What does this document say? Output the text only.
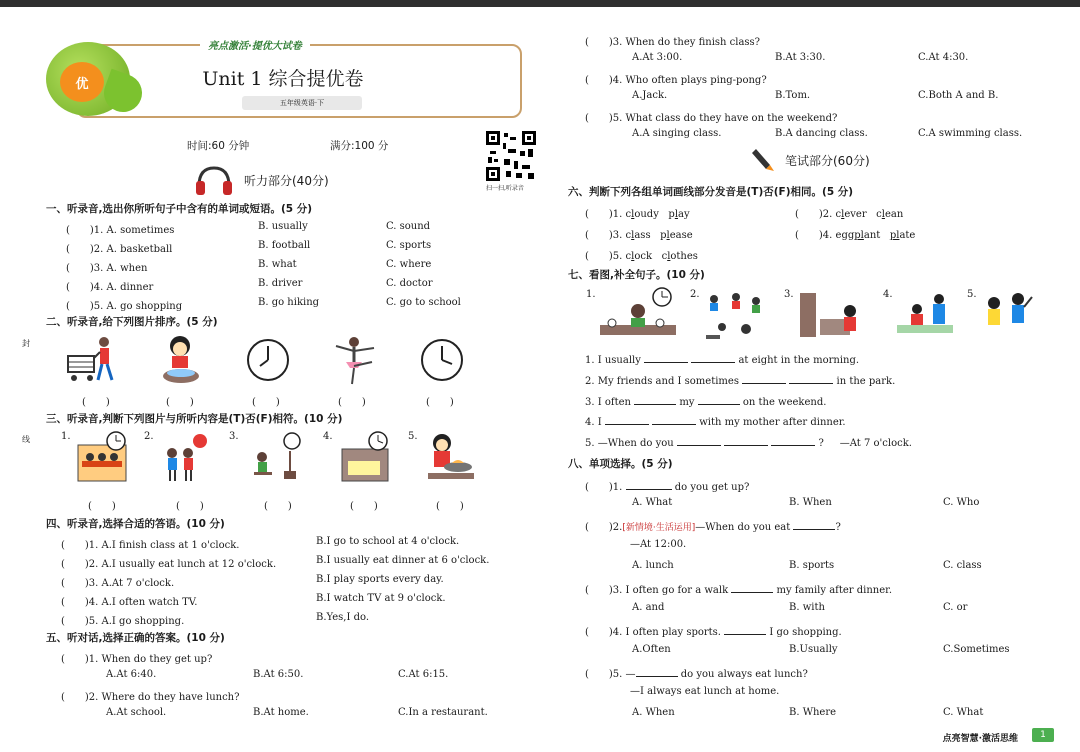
优
亮点激活·提优大试卷
Unit 1 综合提优卷
五年级英语·下
时间:60 分钟	满分:100 分
扫一扫,听录音
听力部分(40分)
封
线
一、听录音,选出你所听句子中含有的单词或短语。(5 分)
(　　)1. A. sometimes	B. usually	C. sound
(　　)2. A. basketball	B. football	C. sports
(　　)3. A. when	B. what	C. where
(　　)4. A. dinner	B. driver	C. doctor
(　　)5. A. go shopping	B. go hiking	C. go to school
二、听录音,给下列图片排序。(5 分)
(　　)	(　　)	(　　)	(　　)	(　　)
三、听录音,判断下列图片与所听内容是(T)否(F)相符。(10 分)
1.	2.	3.	4.	5.
(　　)	(　　)	(　　)	(　　)	(　　)
四、听录音,选择合适的答语。(10 分)
(　　)1. A.I finish class at 1 o'clock.	B.I go to school at 4 o'clock.
(　　)2. A.I usually eat lunch at 12 o'clock.	B.I usually eat dinner at 6 o'clock.
(　　)3. A.At 7 o'clock.	B.I play sports every day.
(　　)4. A.I often watch TV.	B.I watch TV at 9 o'clock.
(　　)5. A.I go shopping.	B.Yes,I do.
五、听对话,选择正确的答案。(10 分)
(　　)1. When do they get up?
A.At 6:40.	B.At 6:50.	C.At 6:15.
(　　)2. Where do they have lunch?
A.At school.	B.At home.	C.In a restaurant.
(　　)3. When do they finish class?
A.At 3:00.	B.At 3:30.	C.At 4:30.
(　　)4. Who often plays ping-pong?
A.Jack.	B.Tom.	C.Both A and B.
(　　)5. What class do they have on the weekend?
A.A singing class.	B.A dancing class.	C.A swimming class.
笔试部分(60分)
六、判断下列各组单词画线部分发音是(T)否(F)相同。(5 分)
(　　)1. cloudy play	(　　)2. clever clean
(　　)3. class please	(　　)4. eggplant plate
(　　)5. clock clothes
七、看图,补全句子。(10 分)
1.	2.	3.	4.	5.
1. I usually	at eight in the morning.
2. My friends and I sometimes	in the park.
3. I often	my	on the weekend.
4. I	with my mother after dinner.
5. —When do you	? —At 7 o'clock.
八、单项选择。(5 分)
(　　)1.	do you get up?
A. What	B. When	C. Who
(　　)2.[新情境·生活运用]—When do you eat	?
—At 12:00.
A. lunch	B. sports	C. class
(　　)3. I often go for a walk	my family after dinner.
A. and	B. with	C. or
(　　)4. I often play sports.	I go shopping.
A.Often	B.Usually	C.Sometimes
(　　)5. —	do you always eat lunch?
—I always eat lunch at home.
A. When	B. Where	C. What
点亮智慧·激活思维	1
